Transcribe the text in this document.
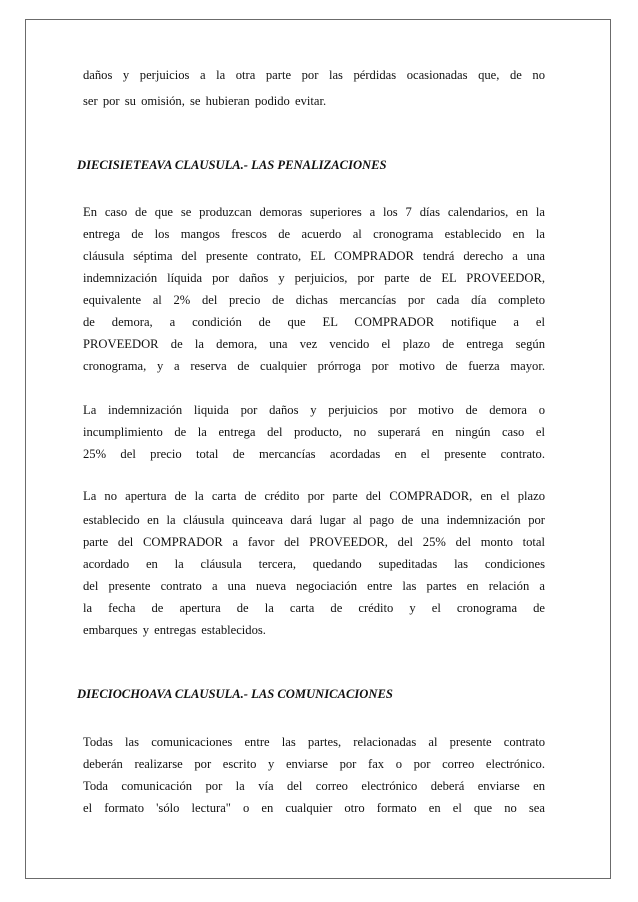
daños y perjuicios a la otra parte por las pérdidas ocasionadas que, de no
ser por su omisión, se hubieran podido evitar.
DIECISIETEAVA CLAUSULA.- LAS PENALIZACIONES
En caso de que se produzcan demoras superiores a los 7 días calendarios, en la
entrega de los mangos frescos de acuerdo al cronograma establecido en la
cláusula séptima del presente contrato, EL COMPRADOR tendrá derecho a una
indemnización líquida por daños y perjuicios, por parte de EL PROVEEDOR,
equivalente al 2% del precio de dichas mercancías por cada día completo
de demora, a condición de que EL COMPRADOR notifique a el
PROVEEDOR de la demora, una vez vencido el plazo de entrega según
cronograma, y a reserva de cualquier prórroga por motivo de fuerza mayor.
La indemnización liquida por daños y perjuicios por motivo de demora o
incumplimiento de la entrega del producto, no superará en ningún caso el
25% del precio total de mercancías acordadas en el presente contrato.
La no apertura de la carta de crédito por parte del COMPRADOR, en el plazo
establecido en la cláusula quinceava dará lugar al pago de una indemnización por
parte del COMPRADOR a favor del PROVEEDOR, del 25% del monto total
acordado en la cláusula tercera, quedando supeditadas las condiciones
del presente contrato a una nueva negociación entre las partes en relación a
la fecha de apertura de la carta de crédito y el cronograma de
embarques y entregas establecidos.
DIECIOCHOAVA CLAUSULA.- LAS COMUNICACIONES
Todas las comunicaciones entre las partes, relacionadas al presente contrato
deberán realizarse por escrito y enviarse por fax o por correo electrónico.
Toda comunicación por la vía del correo electrónico deberá enviarse en
el formato 'sólo lectura" o en cualquier otro formato en el que no sea
